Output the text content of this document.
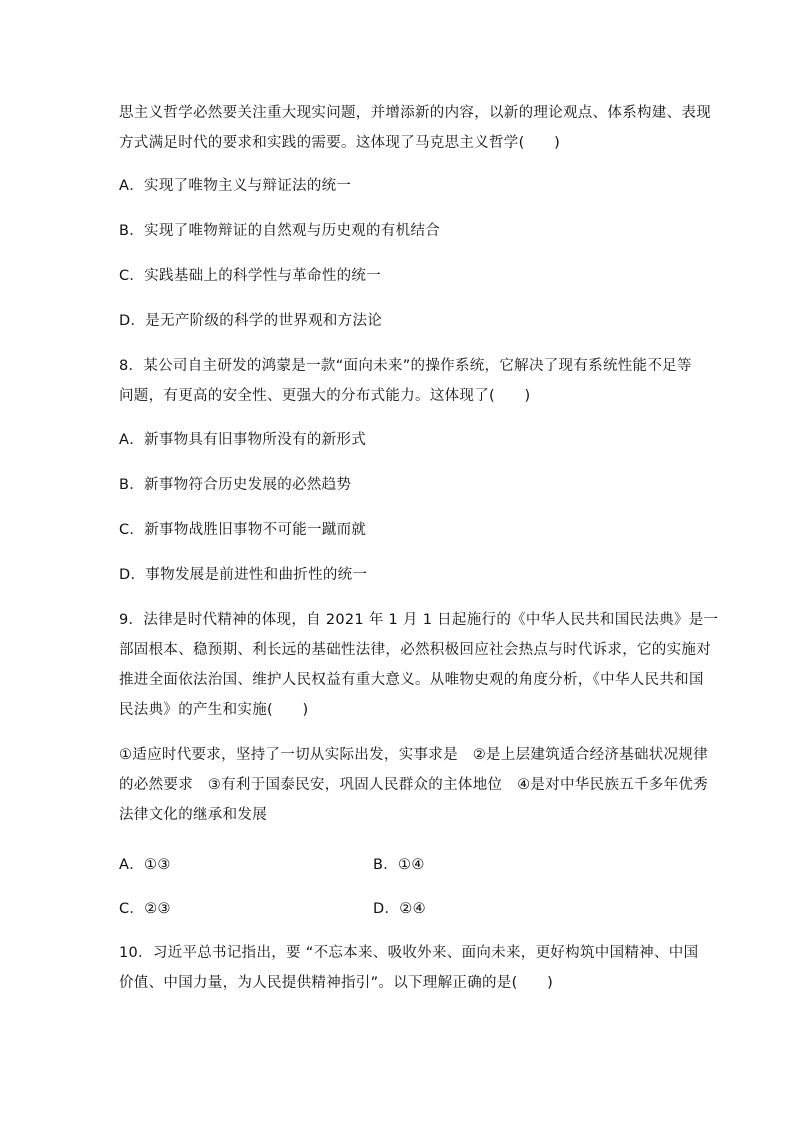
思主义哲学必然要关注重大现实问题，并增添新的内容，以新的理论观点、体系构建、表现
方式满足时代的要求和实践的需要。这体现了马克思主义哲学(　　)
A．实现了唯物主义与辩证法的统一
B．实现了唯物辩证的自然观与历史观的有机结合
C．实践基础上的科学性与革命性的统一
D．是无产阶级的科学的世界观和方法论
8．某公司自主研发的鸿蒙是一款“面向未来”的操作系统，它解决了现有系统性能不足等
问题，有更高的安全性、更强大的分布式能力。这体现了(　　)
A．新事物具有旧事物所没有的新形式
B．新事物符合历史发展的必然趋势
C．新事物战胜旧事物不可能一蹴而就
D．事物发展是前进性和曲折性的统一
9．法律是时代精神的体现，自 2021 年 1 月 1 日起施行的《中华人民共和国民法典》是一
部固根本、稳预期、利长远的基础性法律，必然积极回应社会热点与时代诉求，它的实施对
推进全面依法治国、维护人民权益有重大意义。从唯物史观的角度分析，《中华人民共和国
民法典》的产生和实施(　　)
①适应时代要求，坚持了一切从实际出发，实事求是　②是上层建筑适合经济基础状况规律
的必然要求　③有利于国泰民安，巩固人民群众的主体地位　④是对中华民族五千多年优秀
法律文化的继承和发展
A．①③	B．①④
C．②③	D．②④
10．习近平总书记指出，要 “不忘本来、吸收外来、面向未来，更好构筑中国精神、中国
价值、中国力量，为人民提供精神指引”。以下理解正确的是(　　)
